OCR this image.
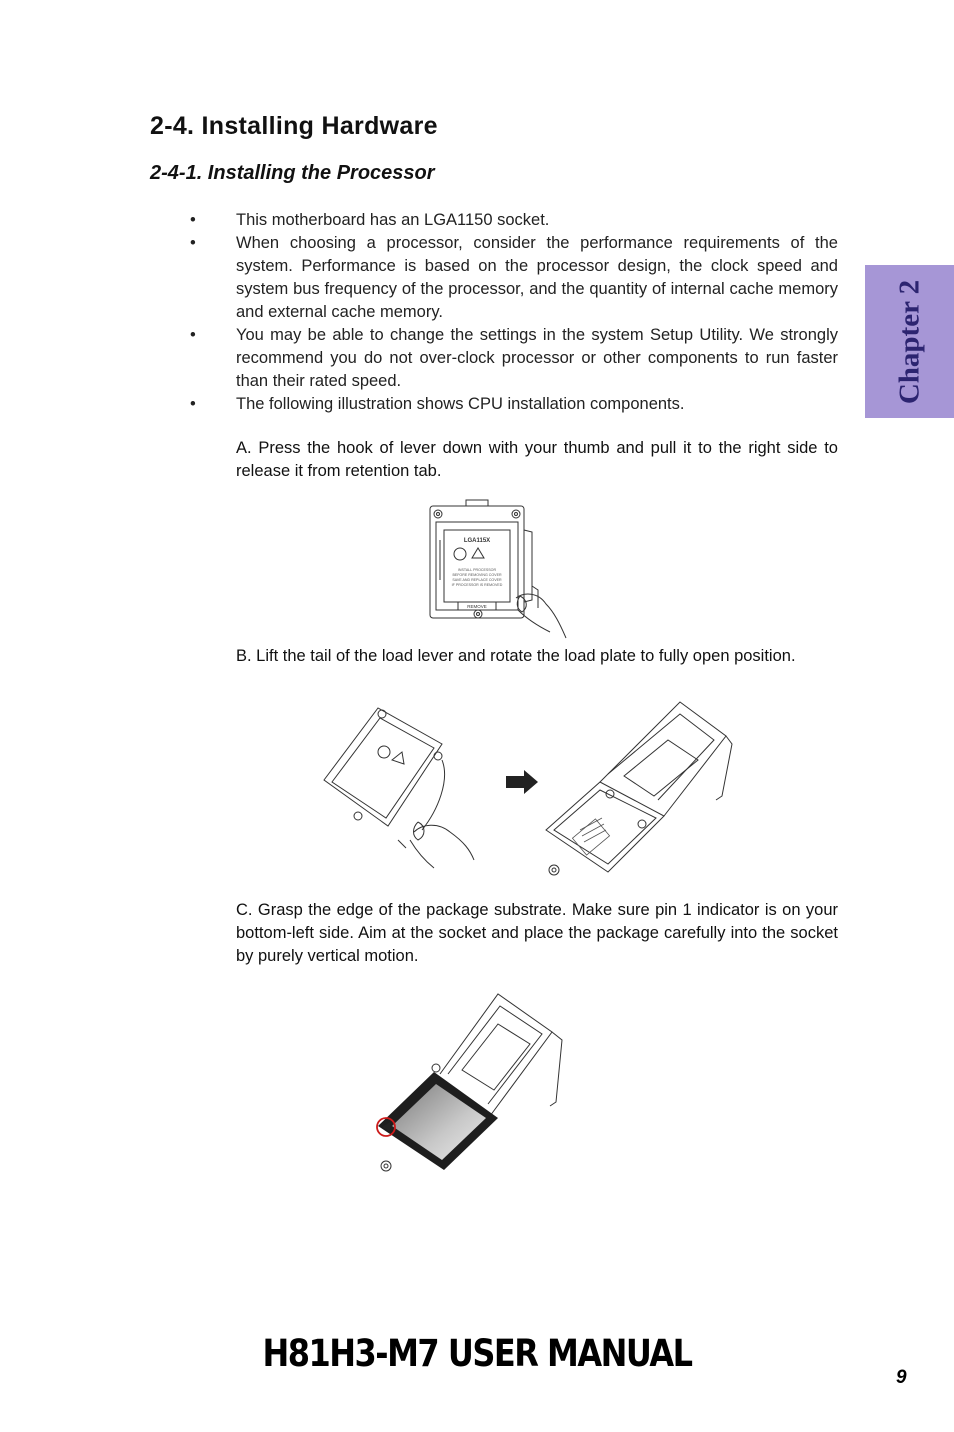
2-4. Installing Hardware
2-4-1. Installing the Processor
• This motherboard has an LGA1150 socket.
• When choosing a processor, consider the performance requirements of the system. Performance is based on the processor design, the clock speed and system bus frequency of the processor, and the quantity of internal cache memory and external cache memory.
• You may be able to change the settings in the system Setup Utility. We strongly recommend you do not over-clock processor or other components to run faster than their rated speed.
• The following illustration shows CPU installation components.
A. Press the hook of lever down with your thumb and pull it to the right side to release it from retention tab.
LGA115X
INSTALL PROCESSOR
BEFORE REMOVING COVER
SAVE AND REPLACE COVER
IF PROCESSOR IS REMOVED
REMOVE
B. Lift the tail of the load lever and rotate the load plate to fully open position.
C. Grasp the edge of the package substrate. Make sure pin 1 indicator is on your bottom-left side. Aim at the socket and place the package carefully into the socket by purely vertical motion.
Chapter 2
H81H3-M7 USER MANUAL
9
